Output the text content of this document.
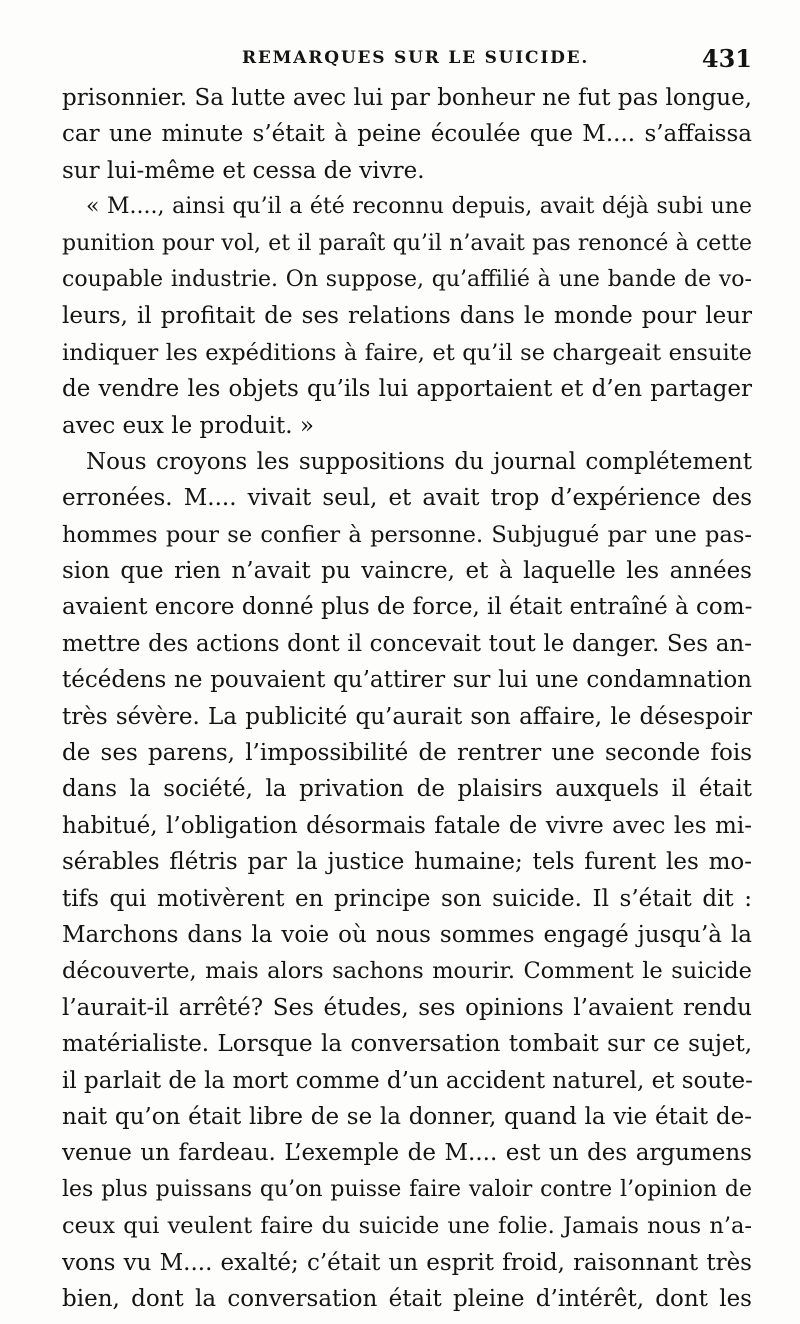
REMARQUES SUR LE SUICIDE.	431
prisonnier. Sa lutte avec lui par bonheur ne fut pas longue,
car une minute s’était à peine écoulée que M.... s’affaissa
sur lui-même et cessa de vivre.
« M...., ainsi qu’il a été reconnu depuis, avait déjà subi une
punition pour vol, et il paraît qu’il n’avait pas renoncé à cette
coupable industrie. On suppose, qu’affilié à une bande de vo-
leurs, il profitait de ses relations dans le monde pour leur
indiquer les expéditions à faire, et qu’il se chargeait ensuite
de vendre les objets qu’ils lui apportaient et d’en partager
avec eux le produit. »
Nous croyons les suppositions du journal complétement
erronées. M.... vivait seul, et avait trop d’expérience des
hommes pour se confier à personne. Subjugué par une pas-
sion que rien n’avait pu vaincre, et à laquelle les années
avaient encore donné plus de force, il était entraîné à com-
mettre des actions dont il concevait tout le danger. Ses an-
técédens ne pouvaient qu’attirer sur lui une condamnation
très sévère. La publicité qu’aurait son affaire, le désespoir
de ses parens, l’impossibilité de rentrer une seconde fois
dans la société, la privation de plaisirs auxquels il était
habitué, l’obligation désormais fatale de vivre avec les mi-
sérables flétris par la justice humaine; tels furent les mo-
tifs qui motivèrent en principe son suicide. Il s’était dit :
Marchons dans la voie où nous sommes engagé jusqu’à la
découverte, mais alors sachons mourir. Comment le suicide
l’aurait-il arrêté? Ses études, ses opinions l’avaient rendu
matérialiste. Lorsque la conversation tombait sur ce sujet,
il parlait de la mort comme d’un accident naturel, et soute-
nait qu’on était libre de se la donner, quand la vie était de-
venue un fardeau. L’exemple de M.... est un des argumens
les plus puissans qu’on puisse faire valoir contre l’opinion de
ceux qui veulent faire du suicide une folie. Jamais nous n’a-
vons vu M.... exalté; c’était un esprit froid, raisonnant très
bien, dont la conversation était pleine d’intérêt, dont les
